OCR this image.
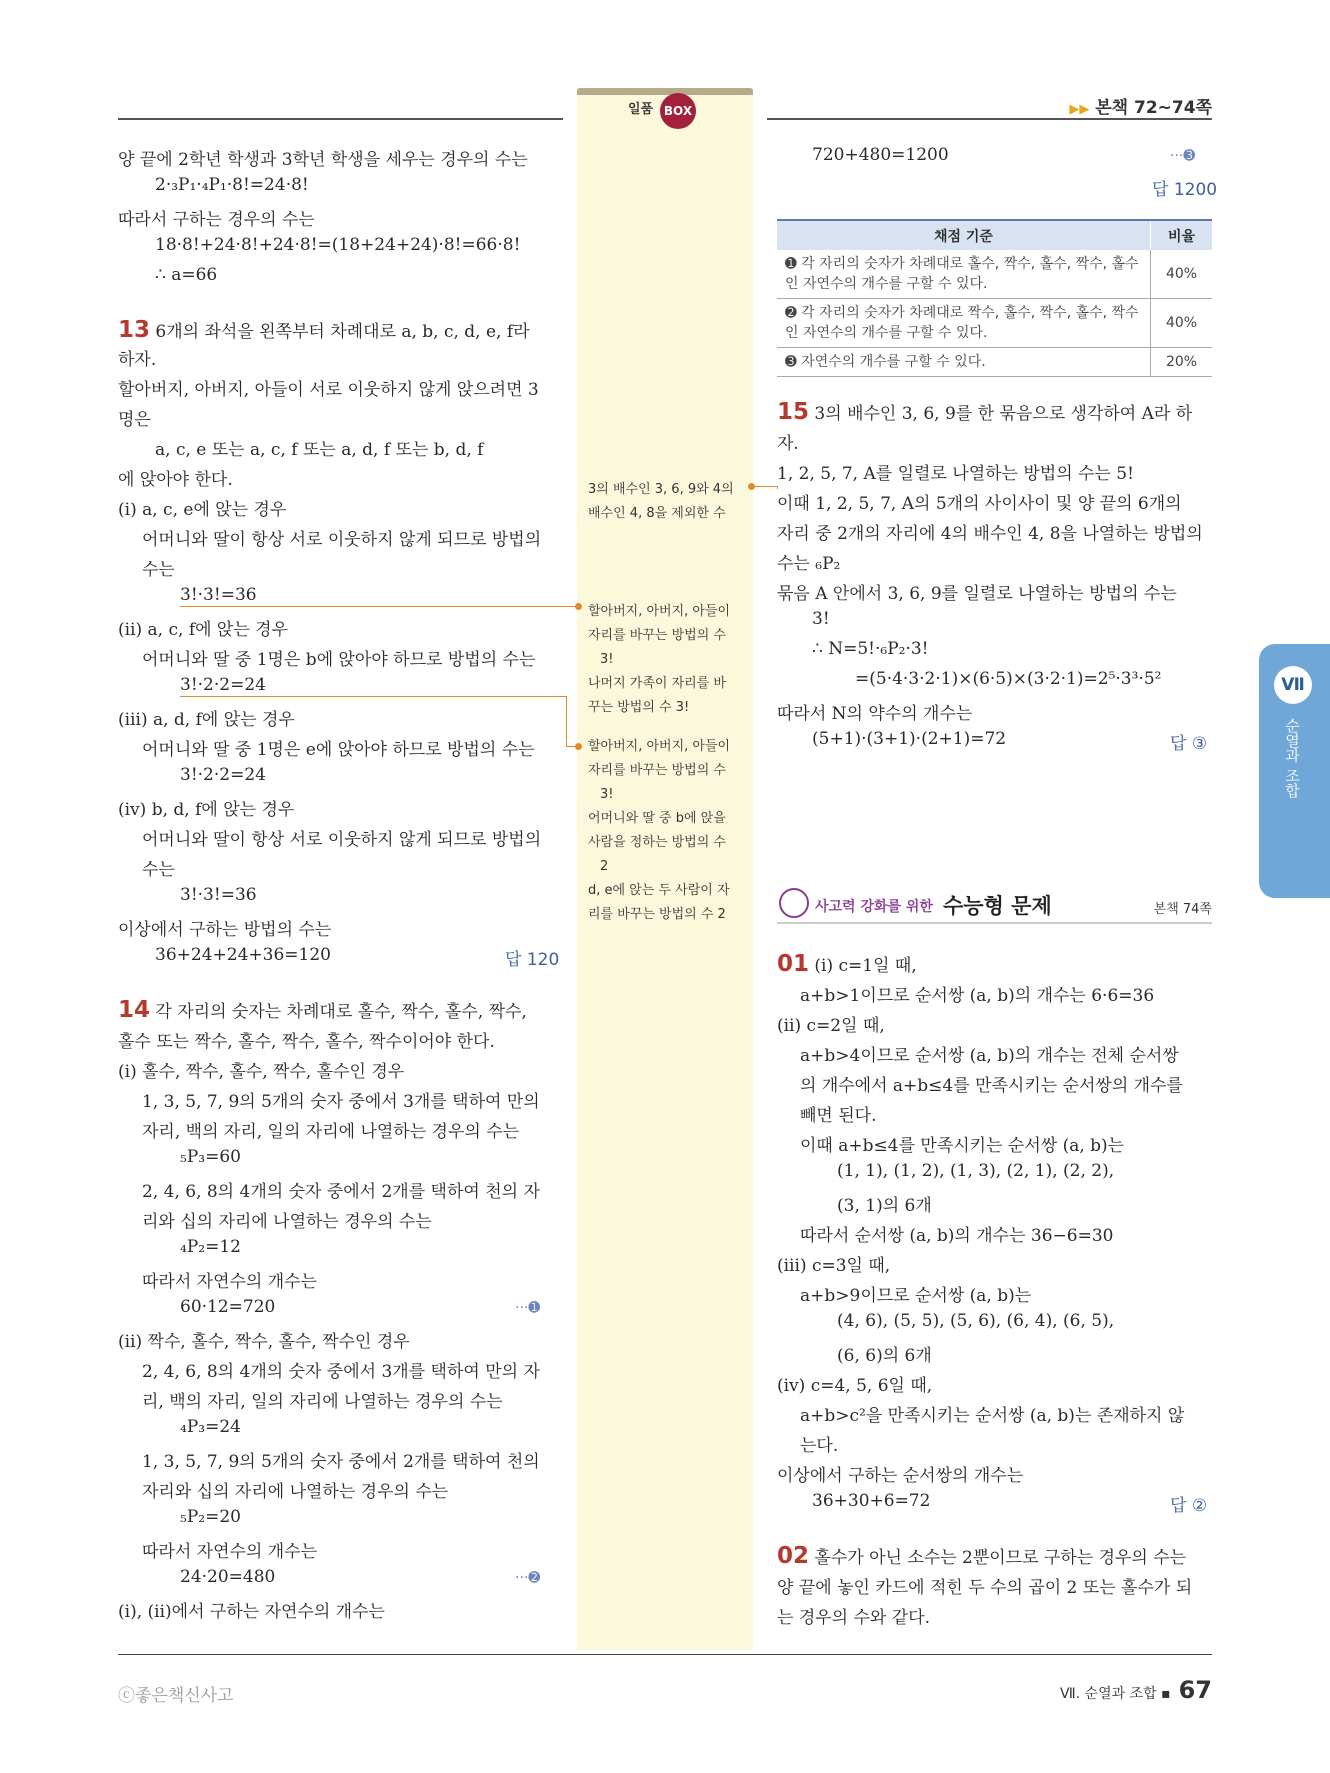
일품 BOX	▶▶ 본책 72~74쪽
양 끝에 2학년 학생과 3학년 학생을 세우는 경우의 수는
2·₃P₁·₄P₁·8!=24·8!
따라서 구하는 경우의 수는
18·8!+24·8!+24·8!=(18+24+24)·8!=66·8!
∴ a=66
13 6개의 좌석을 왼쪽부터 차례대로 a, b, c, d, e, f라
하자.
할아버지, 아버지, 아들이 서로 이웃하지 않게 앉으려면 3
명은
a, c, e 또는 a, c, f 또는 a, d, f 또는 b, d, f
에 앉아야 한다.
(ⅰ) a, c, e에 앉는 경우
어머니와 딸이 항상 서로 이웃하지 않게 되므로 방법의
수는
3!·3!=36
(ⅱ) a, c, f에 앉는 경우
어머니와 딸 중 1명은 b에 앉아야 하므로 방법의 수는
3!·2·2=24
(ⅲ) a, d, f에 앉는 경우
어머니와 딸 중 1명은 e에 앉아야 하므로 방법의 수는
3!·2·2=24
(ⅳ) b, d, f에 앉는 경우
어머니와 딸이 항상 서로 이웃하지 않게 되므로 방법의
수는
3!·3!=36
이상에서 구하는 방법의 수는
36+24+24+36=120	답 120
14 각 자리의 숫자는 차례대로 홀수, 짝수, 홀수, 짝수,
홀수 또는 짝수, 홀수, 짝수, 홀수, 짝수이어야 한다.
(ⅰ) 홀수, 짝수, 홀수, 짝수, 홀수인 경우
1, 3, 5, 7, 9의 5개의 숫자 중에서 3개를 택하여 만의
자리, 백의 자리, 일의 자리에 나열하는 경우의 수는
₅P₃=60
2, 4, 6, 8의 4개의 숫자 중에서 2개를 택하여 천의 자
리와 십의 자리에 나열하는 경우의 수는
₄P₂=12
따라서 자연수의 개수는
60·12=720	···➊
(ⅱ) 짝수, 홀수, 짝수, 홀수, 짝수인 경우
2, 4, 6, 8의 4개의 숫자 중에서 3개를 택하여 만의 자
리, 백의 자리, 일의 자리에 나열하는 경우의 수는
₄P₃=24
1, 3, 5, 7, 9의 5개의 숫자 중에서 2개를 택하여 천의
자리와 십의 자리에 나열하는 경우의 수는
₅P₂=20
따라서 자연수의 개수는
24·20=480	···➋
(ⅰ), (ⅱ)에서 구하는 자연수의 개수는
3의 배수인 3, 6, 9와 4의
배수인 4, 8을 제외한 수
할아버지, 아버지, 아들이
자리를 바꾸는 방법의 수
3!
나머지 가족이 자리를 바
꾸는 방법의 수 3!
할아버지, 아버지, 아들이
자리를 바꾸는 방법의 수
3!
어머니와 딸 중 b에 앉을
사람을 정하는 방법의 수
2
d, e에 앉는 두 사람이 자
리를 바꾸는 방법의 수 2
720+480=1200	···➌
답 1200
15 3의 배수인 3, 6, 9를 한 묶음으로 생각하여 A라 하
자.
1, 2, 5, 7, A를 일렬로 나열하는 방법의 수는 5!
이때 1, 2, 5, 7, A의 5개의 사이사이 및 양 끝의 6개의
자리 중 2개의 자리에 4의 배수인 4, 8을 나열하는 방법의
수는 ₆P₂
묶음 A 안에서 3, 6, 9를 일렬로 나열하는 방법의 수는
3!
∴ N=5!·₆P₂·3!
=(5·4·3·2·1)×(6·5)×(3·2·1)=2⁵·3³·5²
따라서 N의 약수의 개수는
(5+1)·(3+1)·(2+1)=72	답 ③
01 (ⅰ) c=1일 때,
a+b>1이므로 순서쌍 (a, b)의 개수는 6·6=36
(ⅱ) c=2일 때,
a+b>4이므로 순서쌍 (a, b)의 개수는 전체 순서쌍
의 개수에서 a+b≤4를 만족시키는 순서쌍의 개수를
빼면 된다.
이때 a+b≤4를 만족시키는 순서쌍 (a, b)는
(1, 1), (1, 2), (1, 3), (2, 1), (2, 2),
(3, 1)의 6개
따라서 순서쌍 (a, b)의 개수는 36−6=30
(ⅲ) c=3일 때,
a+b>9이므로 순서쌍 (a, b)는
(4, 6), (5, 5), (5, 6), (6, 4), (6, 5),
(6, 6)의 6개
(ⅳ) c=4, 5, 6일 때,
a+b>c²을 만족시키는 순서쌍 (a, b)는 존재하지 않
는다.
이상에서 구하는 순서쌍의 개수는
36+30+6=72	답 ②
02 홀수가 아닌 소수는 2뿐이므로 구하는 경우의 수는
양 끝에 놓인 카드에 적힌 두 수의 곱이 2 또는 홀수가 되
는 경우의 수와 같다.
채점 기준	비율
➊ 각 자리의 숫자가 차례대로 홀수, 짝수, 홀수, 짝수, 홀수인 자연수의 개수를 구할 수 있다.	40%
➋ 각 자리의 숫자가 차례대로 짝수, 홀수, 짝수, 홀수, 짝수인 자연수의 개수를 구할 수 있다.	40%
➌ 자연수의 개수를 구할 수 있다.	20%
사고력 강화를 위한 수능형 문제	본책 74쪽
Ⅶ
순열과 조합
ⓒ좋은책신사고	Ⅶ. 순열과 조합 ▪ 67
